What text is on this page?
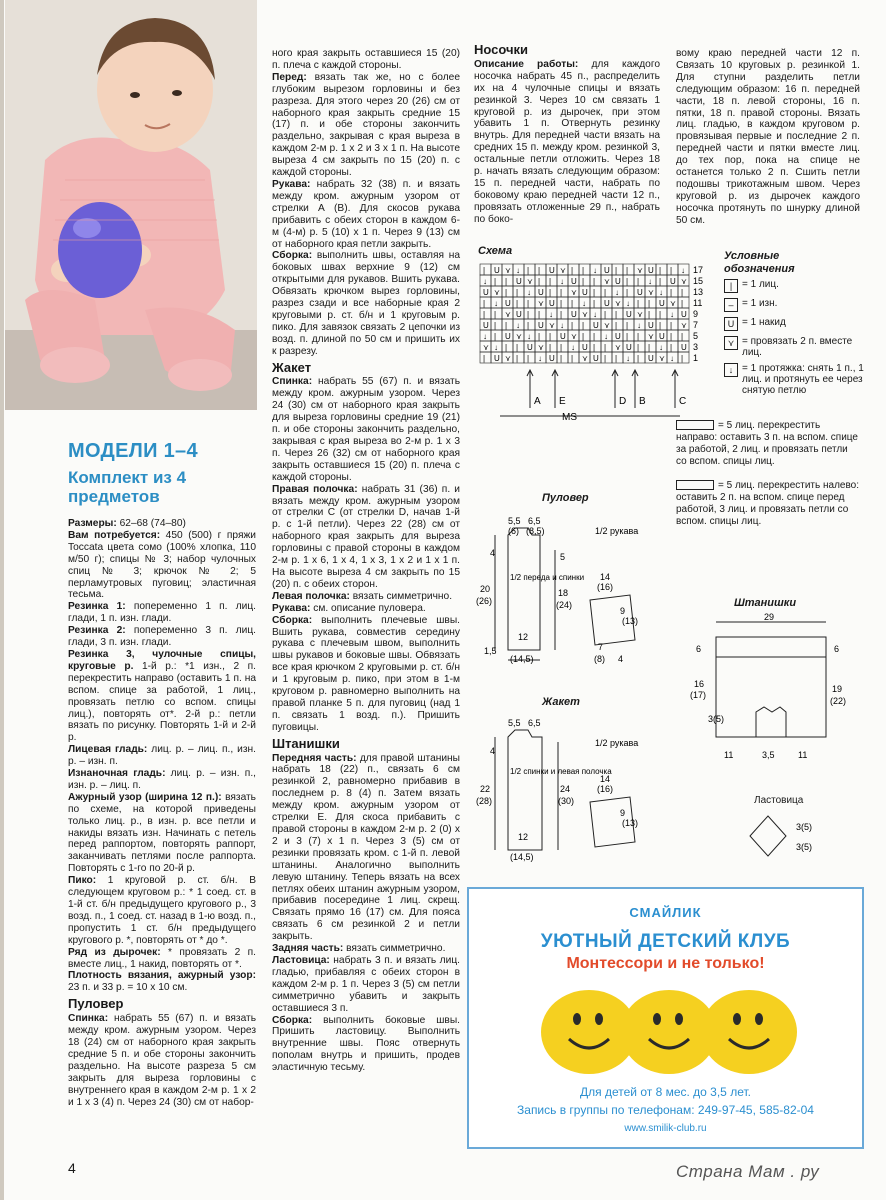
МОДЕЛИ 1–4
Комплект из 4 предметов

Размеры: 62–68 (74–80)

Вам потребуется: 450 (500) г пряжи Toccata цвета сомо (100% хлопка, 110 м/50 г); спицы № 3; набор чулочных спиц № 3; крючок № 2; 5 перламутровых пуговиц; эластичная тесьма.

Резинка 1: попеременно 1 п. лиц. глади, 1 п. изн. глади.

Резинка 2: попеременно 3 п. лиц. глади, 3 п. изн. глади.

Резинка 3, чулочные спицы, круговые р. 1-й р.: *1 изн., 2 п. перекрестить направо (оставить 1 п. на вспом. спице за работой, 1 лиц., провязать петлю со вспом. спицы лиц.), повторять от*. 2-й р.: петли вязать по рисунку. Повторять 1-й и 2-й р.

Лицевая гладь: лиц. р. – лиц. п., изн. р. – изн. п.

Изнаночная гладь: лиц. р. – изн. п., изн. р. – лиц. п.

Ажурный узор (ширина 12 п.): вязать по схеме, на которой приведены только лиц. р., в изн. р. все петли и накиды вязать изн. Начинать с петель перед раппортом, повторять раппорт, заканчивать петлями после раппорта. Повторять с 1-го по 20-й р.

Пико: 1 круговой р. ст. б/н. В следующем круговом р.: * 1 соед. ст. в 1-й ст. б/н предыдущего кругового р., 3 возд. п., 1 соед. ст. назад в 1-ю возд. п., пропустить 1 ст. б/н предыдущего кругового р. *, повторять от * до *.

Ряд из дырочек: * провязать 2 п. вместе лиц., 1 накид, повторять от *.

Плотность вязания, ажурный узор: 23 п. и 33 р. = 10 х 10 см.

Пуловер

Спинка: набрать 55 (67) п. и вязать между кром. ажурным узором. Через 18 (24) см от наборного края закрыть средние 5 п. и обе стороны закончить раздельно. На высоте разреза 5 см закрыть для выреза горловины с внутреннего края в каждом 2-м р. 1 х 2 и 1 х 3 (4) п. Через 24 (30) см от набор-

ного края закрыть оставшиеся 15 (20) п. плеча с каждой стороны.

Перед: вязать так же, но с более глубоким вырезом горловины и без разреза. Для этого через 20 (26) см от наборного края закрыть средние 15 (17) п. и обе стороны закончить раздельно, закрывая с края выреза в каждом 2-м р. 1 х 2 и 3 х 1 п. На высоте выреза 4 см закрыть по 15 (20) п. с каждой стороны.

Рукава: набрать 32 (38) п. и вязать между кром. ажурным узором от стрелки А (В). Для скосов рукава прибавить с обеих сторон в каждом 6-м (4-м) р. 5 (10) х 1 п. Через 9 (13) см от наборного края петли закрыть.

Сборка: выполнить швы, оставляя на боковых швах верхние 9 (12) см открытыми для рукавов. Вшить рукава. Обвязать крючком вырез горловины, разрез сзади и все наборные края 2 круговыми р. ст. б/н и 1 круговым р. пико. Для завязок связать 2 цепочки из возд. п. длиной по 50 см и пришить их к разрезу.

Жакет

Спинка: набрать 55 (67) п. и вязать между кром. ажурным узором. Через 24 (30) см от наборного края закрыть для выреза горловины средние 19 (21) п. и обе стороны закончить раздельно, закрывая с края выреза во 2-м р. 1 х 3 п. Через 26 (32) см от наборного края закрыть оставшиеся 15 (20) п. плеча с каждой стороны.

Правая полочка: набрать 31 (36) п. и вязать между кром. ажурным узором от стрелки С (от стрелки D, начав 1-й р. с 1-й петли). Через 22 (28) см от наборного края закрыть для выреза горловины с правой стороны в каждом 2-м р. 1 х 6, 1 х 4, 1 х 3, 1 х 2 и 1 х 1 п. На высоте выреза 4 см закрыть по 15 (20) п. с обеих сторон.

Левая полочка: вязать симметрично.

Рукава: см. описание пуловера.

Сборка: выполнить плечевые швы. Вшить рукава, совместив середину рукава с плечевым швом, выполнить швы рукавов и боковые швы. Обвязать все края крючком 2 круговыми р. ст. б/н и 1 круговым р. пико, при этом в 1-м круговом р. равномерно выполнить на правой планке 5 п. для пуговиц (над 1 п. связать 1 возд. п.). Пришить пуговицы.

Штанишки

Передняя часть: для правой штанины набрать 18 (22) п., связать 6 см резинкой 2, равномерно прибавив в последнем р. 8 (4) п. Затем вязать между кром. ажурным узором от стрелки Е. Для скоса прибавить с правой стороны в каждом 2-м р. 2 (0) х 2 и 3 (7) х 1 п. Через 3 (5) см от резинки провязать кром. с 1-й п. левой штанины. Аналогично выполнить левую штанину. Теперь вязать на всех петлях обеих штанин ажурным узором, прибавив посередине 1 лиц. скрещ. Связать прямо 16 (17) см. Для пояса связать 6 см резинкой 2 и петли закрыть.

Задняя часть: вязать симметрично.

Ластовица: набрать 3 п. и вязать лиц. гладью, прибавляя с обеих сторон в каждом 2-м р. 1 п. Через 3 (5) см петли симметрично убавить и закрыть оставшиеся 3 п.

Сборка: выполнить боковые швы. Пришить ластовицу. Выполнить внутренние швы. Пояс отвернуть пополам внутрь и пришить, продев эластичную тесьму.

Носочки

Описание работы: для каждого носочка набрать 45 п., распределить их на 4 чулочные спицы и вязать резинкой 3. Через 10 см связать 1 круговой р. из дырочек, при этом убавить 1 п. Отвернуть резинку внутрь. Для передней части вязать на средних 15 п. между кром. резинкой 3, остальные петли отложить. Через 18 р. начать вязать следующим образом: 15 п. передней части, набрать по боковому краю передней части 12 п., провязать отложенные 29 п., набрать по боко-

вому краю передней части 12 п. Связать 10 круговых р. резинкой 1. Для ступни разделить петли следующим образом: 16 п. передней части, 18 п. левой стороны, 16 п. пятки, 18 п. правой стороны. Вязать лиц. гладью, в каждом круговом р. провязывая первые и последние 2 п. передней части и пятки вместе лиц. до тех пор, пока на спице не останется только 2 п. Сшить петли подошвы трикотажным швом. Через круговой р. из дырочек каждого носочка протянуть по шнурку длиной 50 см.

Схема
| U ⋎ ↓ | | U ⋎ | | ↓ U | | ⋎ U | | ↓
↓ | | U ⋎ | | ↓ U | | ⋎ U | | ↓ | U ⋎
U ⋎ | | ↓ U | | ⋎ U | | ↓ | U ⋎ ↓ | |
| ↓ U | | ⋎ U | | ↓ | U ⋎ ↓ | | U ⋎ |
| | ⋎ U | | ↓ | U ⋎ ↓ | | U ⋎ | | ↓ U
U | | ↓ | U ⋎ ↓ | | U ⋎ | | ↓ U | | ⋎
↓ | U ⋎ ↓ | | U ⋎ | | ↓ U | | ⋎ U | |
⋎ ↓ | | U ⋎ | | ↓ U | | ⋎ U | | ↓ | U
| U ⋎ | | ↓ U | | ⋎ U | | ↓ | U ⋎ ↓ |
17
15
13
11
9
7
5
3
1
A E	D B	C
MS
Условные обозначения
| = 1 лиц.
– = 1 изн.
U = 1 накид
⋎ = провязать 2 п. вместе лиц.
↓ = 1 протяжка: снять 1 п., 1 лиц. и протянуть ее через снятую петлю
= 5 лиц. перекрестить направо: оставить 3 п. на вспом. спице за работой, 2 лиц. и провязать петли со вспом. спицы лиц.
= 5 лиц. перекрестить налево: оставить 2 п. на вспом. спице перед работой, 3 лиц. и провязать петли со вспом. спицы лиц.
Пуловер
5,5 6,5
(6) (8,5)
4	5
20
(26)
18
(24)
12
(14,5)
1,5
1/2 переда и спинки
1/2 рукава
14
(16)
9
(13)
7
(8) 4
Жакет
5,5 6,5
4
22
(28)
24
(30)
12
(14,5)
1/2 спинки и левая полочка
1/2 рукава
14
(16)
9
(13)
Штанишки
29
6	6
16
(17)
19
(22)
3(5)
11	3,5	11
Ластовица
3(5)
3(5)
СМАЙЛИК
УЮТНЫЙ ДЕТСКИЙ КЛУБ
Монтессори и не только!
Для детей от 8 мес. до 3,5 лет.
Запись в группы по телефонам: 249-97-45, 585-82-04
www.smilik-club.ru
4	Страна Мам . ру
